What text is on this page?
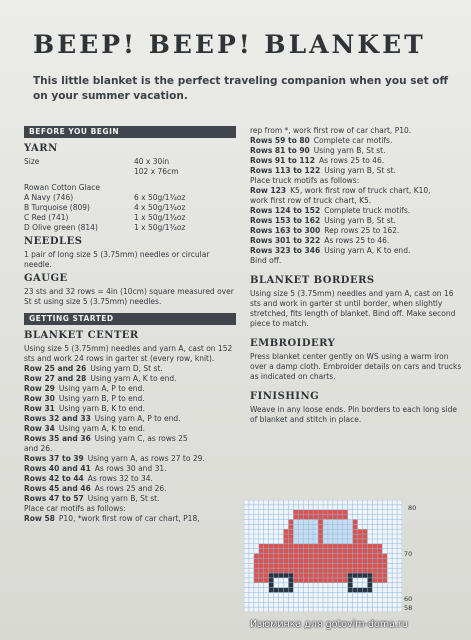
BEEP! BEEP! BLANKET

This little blanket is the perfect traveling companion when you set off on your summer vacation.

BEFORE YOU BEGIN
YARN
Size	40 x 30in
102 x 76cm

Rowan Cotton Glace

A Navy (746)	6 x 50g/1¾oz
B Turquoise (809)	4 x 50g/1¾oz
C Red (741)	1 x 50g/1¾oz
D Olive green (814)	1 x 50g/1¾oz
NEEDLES

1 pair of long size 5 (3.75mm) needles or circular needle.

GAUGE

23 sts and 32 rows = 4in (10cm) square measured over St st using size 5 (3.75mm) needles.

GETTING STARTED
BLANKET CENTER

Using size 5 (3.75mm) needles and yarn A, cast on 152 sts and work 24 rows in garter st (every row, knit).

Row 25 and 26 Using yarn D, St st.

Row 27 and 28 Using yarn A, K to end.

Row 29 Using yarn A, P to end.

Row 30 Using yarn B, P to end.

Row 31 Using yarn B, K to end.

Rows 32 and 33 Using yarn A, P to end.

Row 34 Using yarn A, K to end.

Rows 35 and 36 Using yarn C, as rows 25

and 26.

Rows 37 to 39 Using yarn A, as rows 27 to 29.

Rows 40 and 41 As rows 30 and 31.

Rows 42 to 44 As rows 32 to 34.

Rows 45 and 46 As rows 25 and 26.

Rows 47 to 57 Using yarn B, St st.

Place car motifs as follows:

Row 58 P10, *work first row of car chart, P18,

rep from *, work first row of car chart, P10.

Rows 59 to 80 Complete car motifs.

Rows 81 to 90 Using yarn B, St st.

Rows 91 to 112 As rows 25 to 46.

Rows 113 to 122 Using yarn B, St st.

Place truck motifs as follows:

Row 123 K5, work first row of truck chart, K10,

work first row of truck chart, K5.

Rows 124 to 152 Complete truck motifs.

Rows 153 to 162 Using yarn B, St st.

Rows 163 to 300 Rep rows 25 to 162.

Rows 301 to 322 As rows 25 to 46.

Rows 323 to 346 Using yarn A, K to end.

Bind off.

BLANKET BORDERS

Using size 5 (3.75mm) needles and yarn A, cast on 16 sts and work in garter st until border, when slightly stretched, fits length of blanket. Bind off. Make second piece to match.

EMBROIDERY

Press blanket center gently on WS using a warm iron over a damp cloth. Embroider details on cars and trucks as indicated on charts.

FINISHING

Weave in any loose ends. Pin borders to each long side of blanket and stitch in place.

80
70
60
58
Изюминка для gotovim-doma.ru
